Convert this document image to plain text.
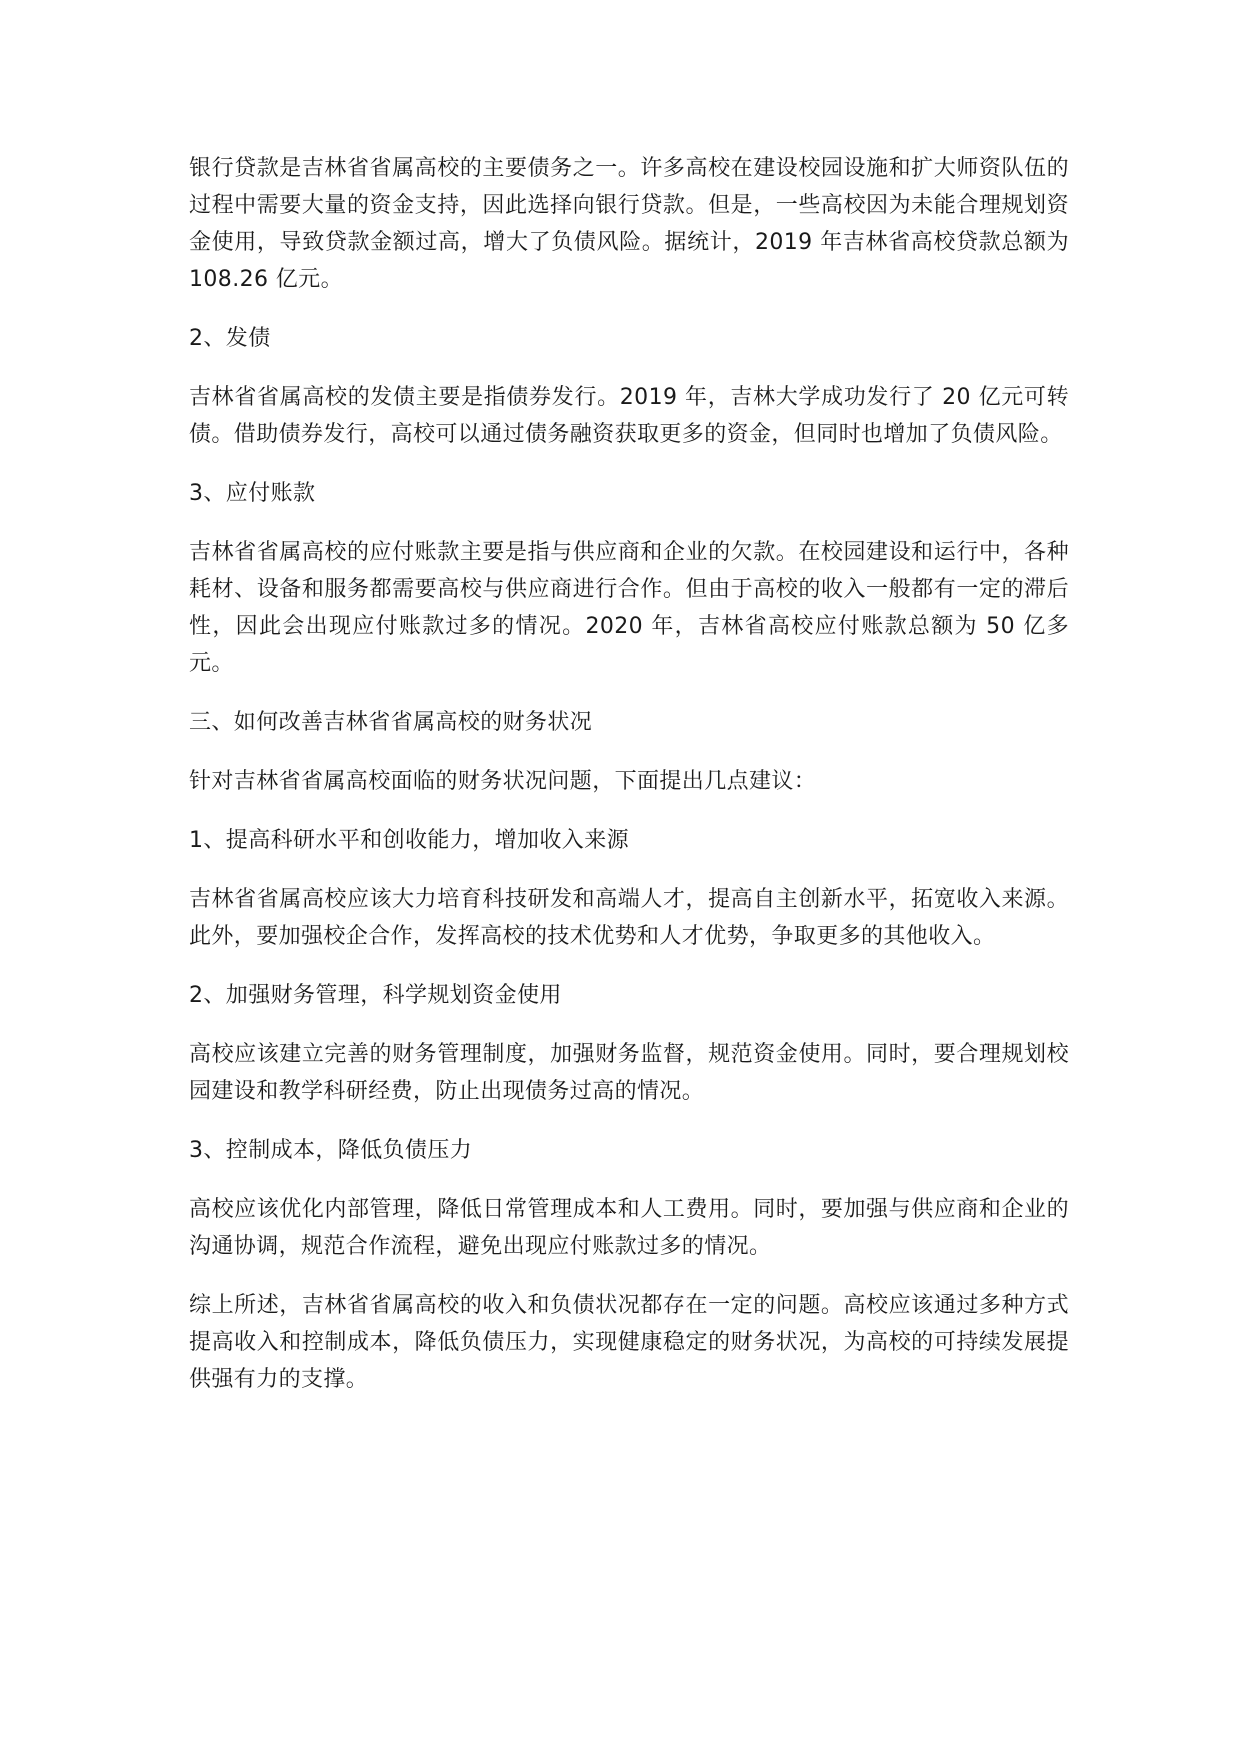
银行贷款是吉林省省属高校的主要债务之一。许多高校在建设校园设施和扩大师资队伍的过程中需要大量的资金支持，因此选择向银行贷款。但是，一些高校因为未能合理规划资金使用，导致贷款金额过高，增大了负债风险。据统计，2019 年吉林省高校贷款总额为 108.26 亿元。

2、发债

吉林省省属高校的发债主要是指债券发行。2019 年，吉林大学成功发行了 20 亿元可转债。借助债券发行，高校可以通过债务融资获取更多的资金，但同时也增加了负债风险。

3、应付账款

吉林省省属高校的应付账款主要是指与供应商和企业的欠款。在校园建设和运行中，各种耗材、设备和服务都需要高校与供应商进行合作。但由于高校的收入一般都有一定的滞后性，因此会出现应付账款过多的情况。2020 年，吉林省高校应付账款总额为 50 亿多元。

三、如何改善吉林省省属高校的财务状况

针对吉林省省属高校面临的财务状况问题，下面提出几点建议：

1、提高科研水平和创收能力，增加收入来源

吉林省省属高校应该大力培育科技研发和高端人才，提高自主创新水平，拓宽收入来源。此外，要加强校企合作，发挥高校的技术优势和人才优势，争取更多的其他收入。

2、加强财务管理，科学规划资金使用

高校应该建立完善的财务管理制度，加强财务监督，规范资金使用。同时，要合理规划校园建设和教学科研经费，防止出现债务过高的情况。

3、控制成本，降低负债压力

高校应该优化内部管理，降低日常管理成本和人工费用。同时，要加强与供应商和企业的沟通协调，规范合作流程，避免出现应付账款过多的情况。

综上所述，吉林省省属高校的收入和负债状况都存在一定的问题。高校应该通过多种方式提高收入和控制成本，降低负债压力，实现健康稳定的财务状况，为高校的可持续发展提供强有力的支撑。
